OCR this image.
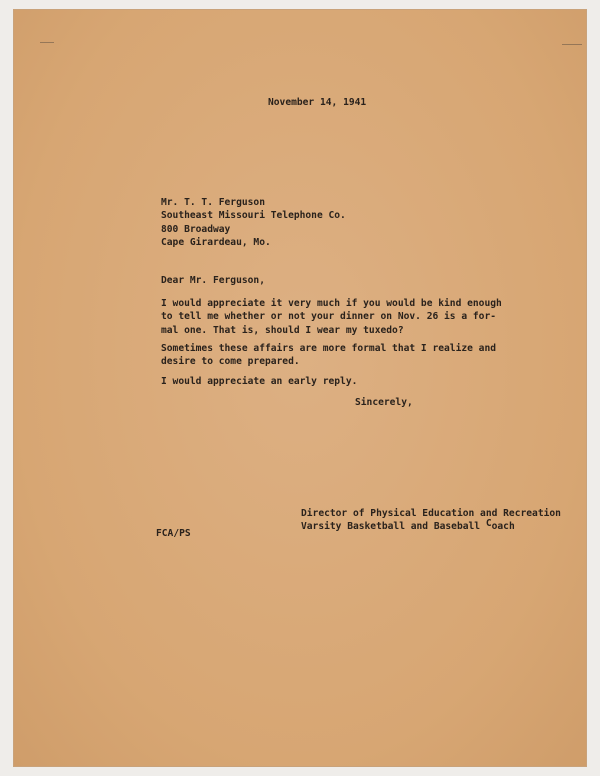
November 14, 1941
Mr. T. T. Ferguson
Southeast Missouri Telephone Co.
800 Broadway
Cape Girardeau, Mo.
Dear Mr. Ferguson,
I would appreciate it very much if you would be kind enough
to tell me whether or not your dinner on Nov. 26 is a for-
mal one. That is, should I wear my tuxedo?
Sometimes these affairs are more formal that I realize and
desire to come prepared.
I would appreciate an early reply.
Sincerely,
Director of Physical Education and Recreation
Varsity Basketball and Baseball Coach
FCA/PS
